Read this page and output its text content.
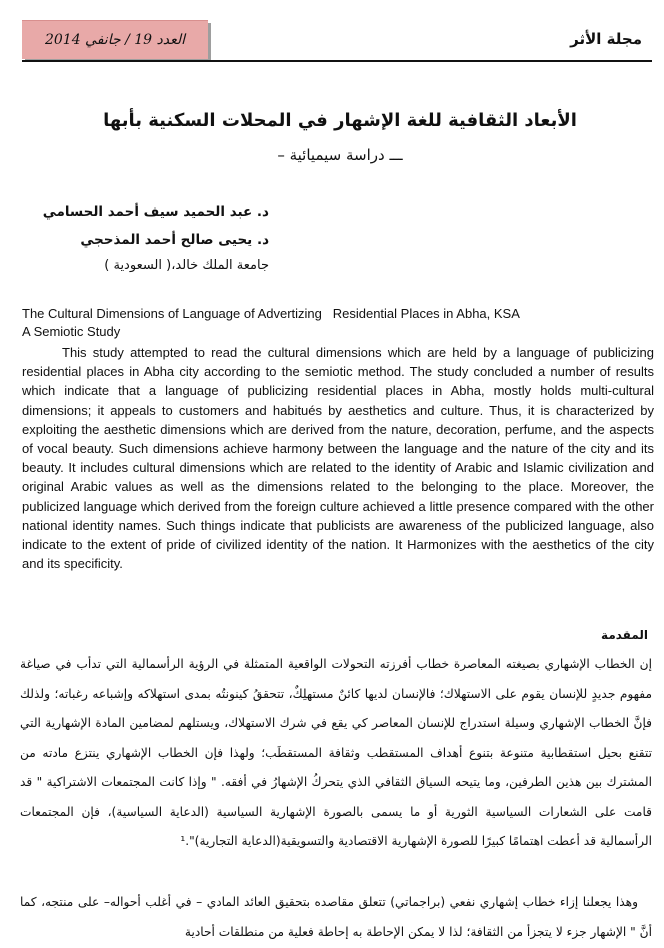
العدد 19 / جانفي 2014	مجلة الأثر
الأبعاد الثقافية للغة الإشهار في المحلات السكنية بأبها
ـــ دراسة سيميائية –
د. عبد الحميد سيف أحمد الحسامي
د. يحيى صالح أحمد المذحجي
جامعة الملك خالد،( السعودية )
The Cultural Dimensions of Language of Advertizing   Residential Places in Abha, KSA
A Semiotic Study

This study attempted to read the cultural dimensions which are held by a language of publicizing residential places in Abha city according to the semiotic method. The study concluded a number of results which indicate that a language of publicizing residential places in Abha, mostly holds multi-cultural dimensions; it appeals to customers and habitués by aesthetics and culture. Thus, it is characterized by exploiting the aesthetic dimensions which are derived from the nature, decoration, perfume, and the aspects of vocal beauty. Such dimensions achieve harmony between the language and the nature of the city and its beauty. It includes cultural dimensions which are related to the identity of Arabic and Islamic civilization and original Arabic values as well as the dimensions related to the belonging to the place. Moreover, the publicized language which derived from the foreign culture achieved a little presence compared with the other national identity names. Such things indicate that publicists are awareness of the publicized language, also indicate to the extent of pride of civilized identity of the nation. It Harmonizes with the aesthetics of the city and its specificity.

المقدمة

إن الخطاب الإشهاري بصيغته المعاصرة خطاب أفرزته التحولات الواقعية المتمثلة في الرؤية الرأسمالية التي تدأب في صياغة مفهوم جديدٍ للإنسان يقوم على الاستهلاك؛ فالإنسان لديها كائنٌ مستهلِكٌ، تتحققُ كينونتُه بمدى استهلاكه وإشباعه رغباته؛ ولذلك فإنَّ الخطاب الإشهاري وسيلة استدراج للإنسان المعاصر كي يقع في شرك الاستهلاك، ويستلهم لمضامين المادة الإشهارية التي تتقنع بحيل استقطابية متنوعة بتنوع أهداف المستقطب وثقافة المستقطَب؛ ولهذا فإن الخطاب الإشهاري ينتزع مادته من المشترك بين هذين الطرفين، وما يتيحه السياق الثقافي الذي يتحركُ الإشهارُ في أفقه. " وإذا كانت المجتمعات الاشتراكية " قد قامت على الشعارات السياسية الثورية أو ما يسمى بالصورة الإشهارية السياسية (الدعاية السياسية)، فإن المجتمعات الرأسمالية قد أعطت اهتمامًا كبيرًا للصورة الإشهارية الاقتصادية والتسويقية(الدعاية التجارية)".¹

وهذا يجعلنا إزاء خطاب إشهاري نفعي (براجماتي) تتعلق مقاصده بتحقيق العائد المادي – في أغلب أحواله– على منتجه، كما أنَّ " الإشهار جزء لا يتجزأ من الثقافة؛ لذا لا يمكن الإحاطة به إحاطة فعلية من منطلقات أحادية
